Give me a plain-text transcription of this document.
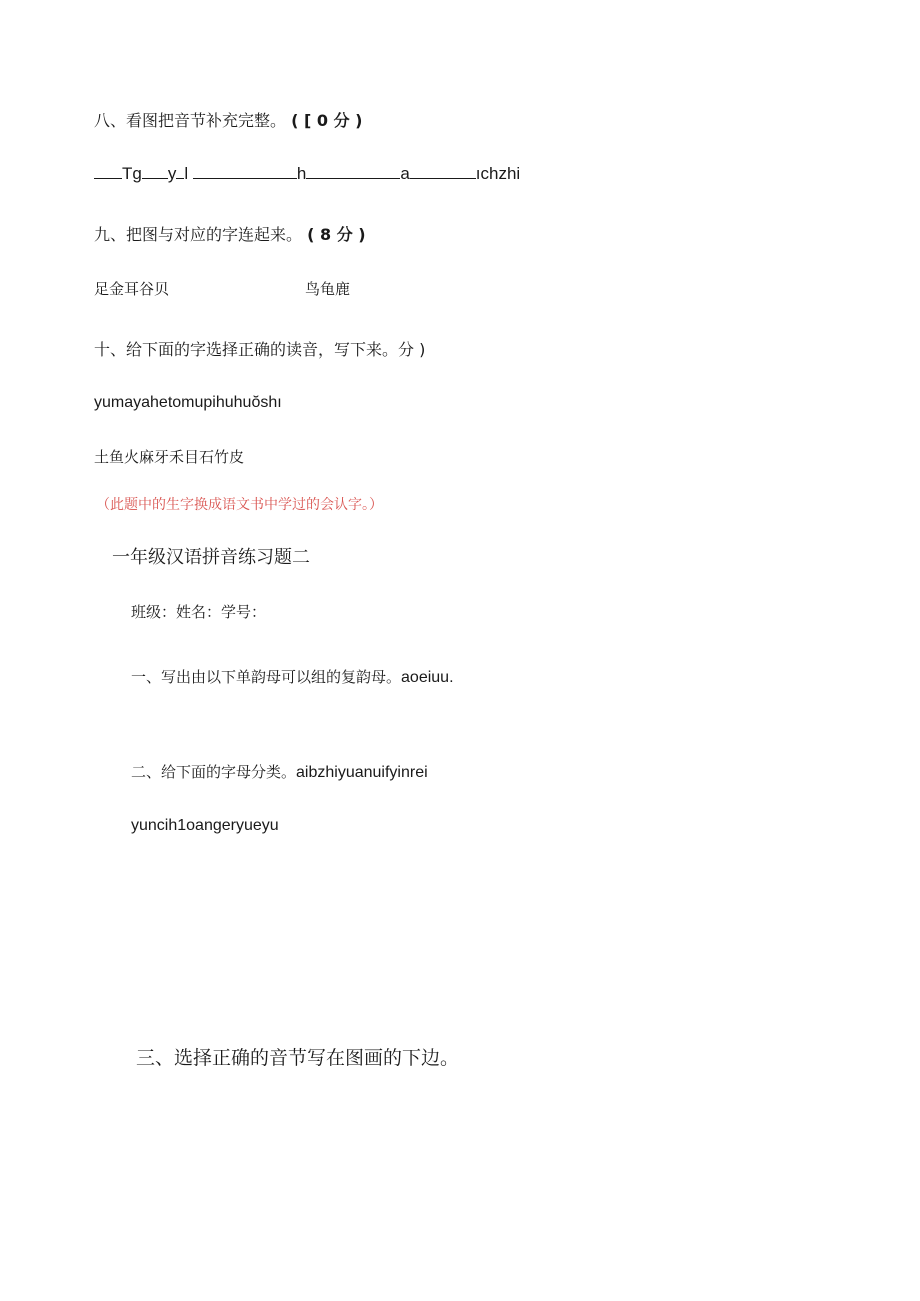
八、看图把音节补充完整。 ( [ 0 分 )
Tg y l	h	a	ıchzhi
九、把图与对应的字连起来。 ( 8 分 )
足金耳谷贝	鸟龟鹿
十、给下面的字选择正确的读音，写下来。分 )
yumayahetomupihuhuŏshı
土鱼火麻牙禾目石竹皮
（此题中的生字换成语文书中学过的会认字。）
一年级汉语拼音练习题二
班级：姓名：学号：
一、写出由以下单韵母可以组的复韵母。aoeiuu.
二、给下面的字母分类。aibzhiyuanuifyinrei
yuncih1oangeryueyu
三、选择正确的音节写在图画的下边。
